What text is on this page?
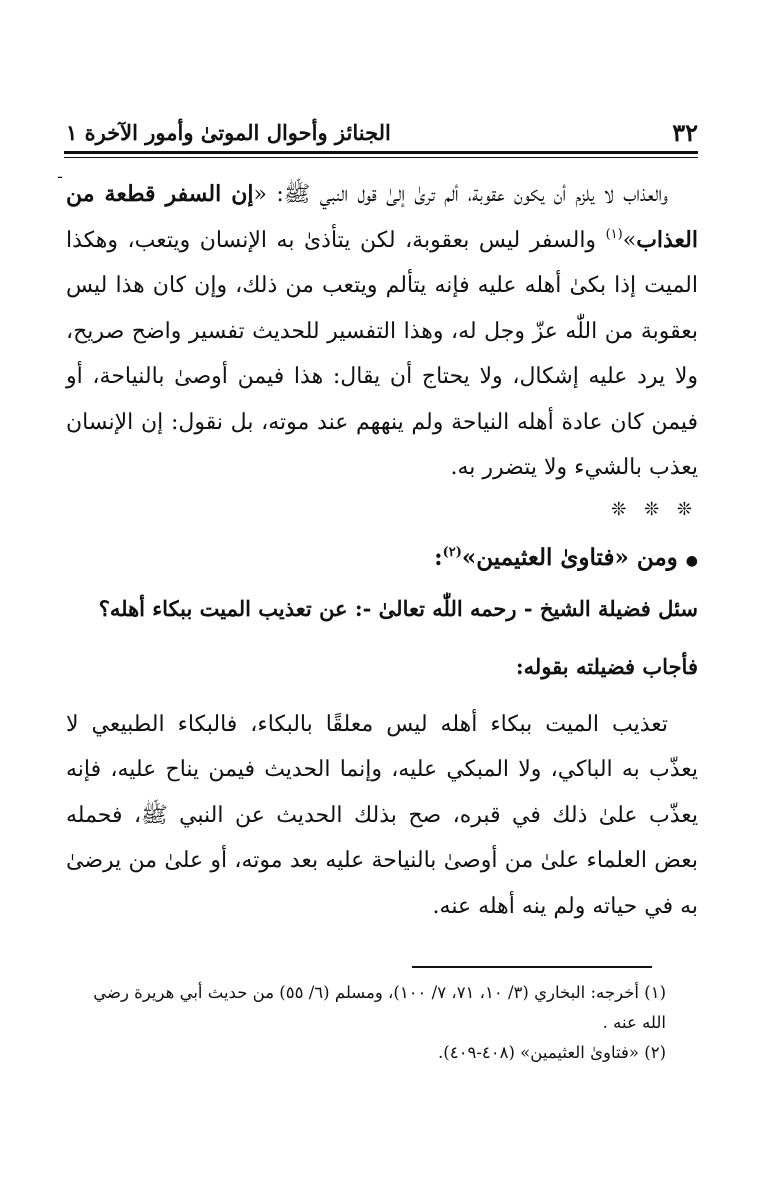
٣٢
الجنائز وأحوال الموتىٰ وأمور الآخرة ١
ـ

والعذاب لا يلزم أن يكون عقوبة، ألم ترىٰ إلىٰ قول النبي ﷺ: «إن السفر قطعة من العذاب»$^{(١)}$ والسفر ليس بعقوبة، لكن يتأذىٰ به الإنسان ويتعب، وهكذا الميت إذا بكىٰ أهله عليه فإنه يتألم ويتعب من ذلك، وإن كان هذا ليس بعقوبة من اللّٰه عزّ وجل له، وهذا التفسير للحديث تفسير واضح صريح، ولا يرد عليه إشكال، ولا يحتاج أن يقال: هذا فيمن أوصىٰ بالنياحة، أو فيمن كان عادة أهله النياحة ولم ينههم عند موته، بل نقول: إن الإنسان يعذب بالشيء ولا يتضرر به.

❊ ❊ ❊

●ومن «فتاوىٰ العثيمين»$^{(٢)}$:

سئل فضيلة الشيخ - رحمه اللّٰه تعالىٰ -: عن تعذيب الميت ببكاء أهله؟

فأجاب فضيلته بقوله:

تعذيب الميت ببكاء أهله ليس معلقًا بالبكاء، فالبكاء الطبيعي لا يعذّب به الباكي، ولا المبكي عليه، وإنما الحديث فيمن يناح عليه، فإنه يعذّب علىٰ ذلك في قبره، صح بذلك الحديث عن النبي ﷺ، فحمله بعض العلماء علىٰ من أوصىٰ بالنياحة عليه بعد موته، أو علىٰ من يرضىٰ به في حياته ولم ينه أهله عنه.

(١) أخرجه: البخاري (٣/ ١٠، ٧١، ٧/ ١٠٠)، ومسلم (٦/ ٥٥) من حديث أبي هريرة رضي الله عنه .

(٢) «فتاوىٰ العثيمين» (٤٠٨-٤٠٩).
